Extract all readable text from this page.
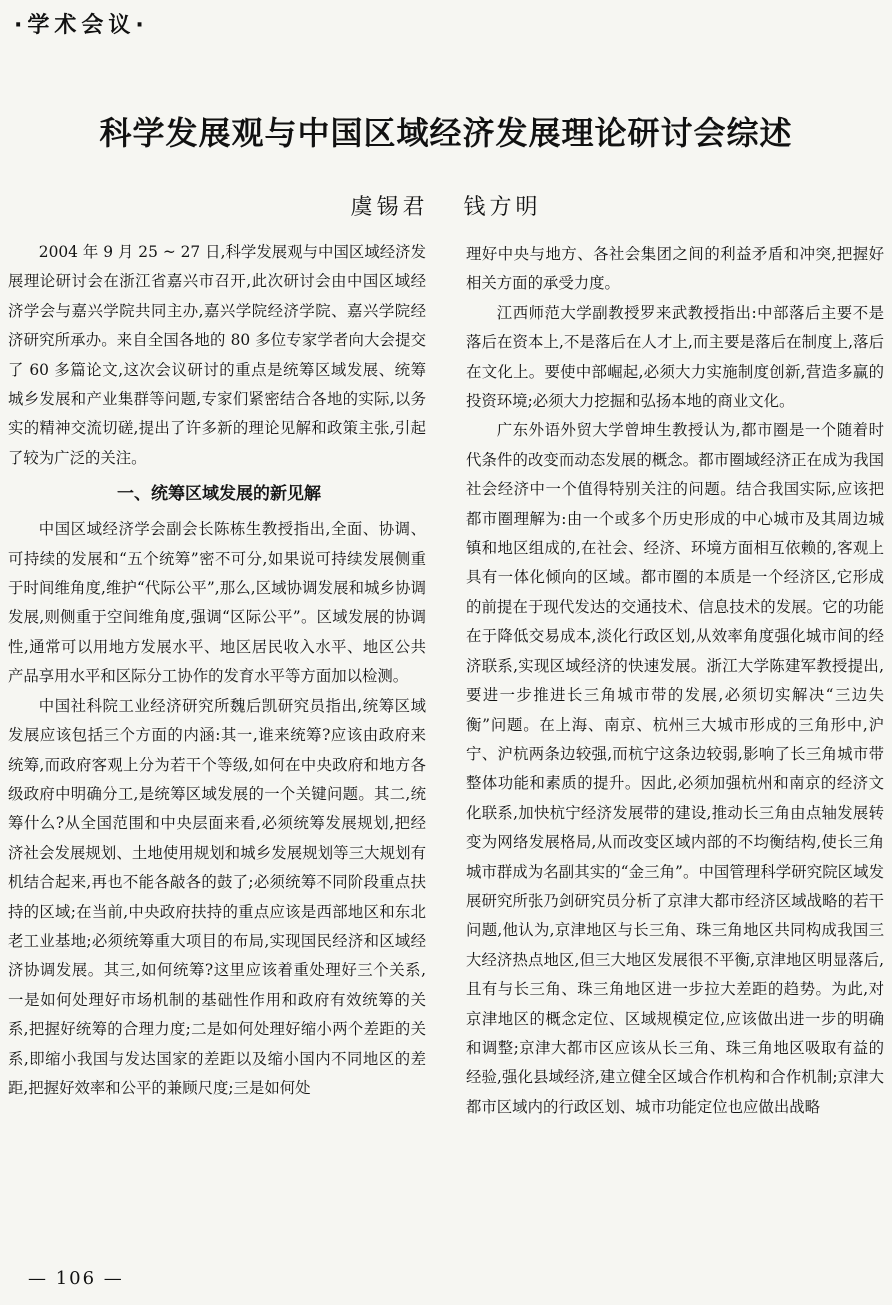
·学术会议·
科学发展观与中国区域经济发展理论研讨会综述
虞锡君 钱方明

2004 年 9 月 25 ~ 27 日,科学发展观与中国区域经济发展理论研讨会在浙江省嘉兴市召开,此次研讨会由中国区域经济学会与嘉兴学院共同主办,嘉兴学院经济学院、嘉兴学院经济研究所承办。来自全国各地的 80 多位专家学者向大会提交了 60 多篇论文,这次会议研讨的重点是统筹区域发展、统筹城乡发展和产业集群等问题,专家们紧密结合各地的实际,以务实的精神交流切磋,提出了许多新的理论见解和政策主张,引起了较为广泛的关注。

一、统筹区域发展的新见解

中国区域经济学会副会长陈栋生教授指出,全面、协调、可持续的发展和“五个统筹”密不可分,如果说可持续发展侧重于时间维角度,维护“代际公平”,那么,区域协调发展和城乡协调发展,则侧重于空间维角度,强调“区际公平”。区域发展的协调性,通常可以用地方发展水平、地区居民收入水平、地区公共产品享用水平和区际分工协作的发育水平等方面加以检测。

中国社科院工业经济研究所魏后凯研究员指出,统筹区域发展应该包括三个方面的内涵:其一,谁来统筹?应该由政府来统筹,而政府客观上分为若干个等级,如何在中央政府和地方各级政府中明确分工,是统筹区域发展的一个关键问题。其二,统筹什么?从全国范围和中央层面来看,必须统筹发展规划,把经济社会发展规划、土地使用规划和城乡发展规划等三大规划有机结合起来,再也不能各敲各的鼓了;必须统筹不同阶段重点扶持的区域;在当前,中央政府扶持的重点应该是西部地区和东北老工业基地;必须统筹重大项目的布局,实现国民经济和区域经济协调发展。其三,如何统筹?这里应该着重处理好三个关系,一是如何处理好市场机制的基础性作用和政府有效统筹的关系,把握好统筹的合理力度;二是如何处理好缩小两个差距的关系,即缩小我国与发达国家的差距以及缩小国内不同地区的差距,把握好效率和公平的兼顾尺度;三是如何处

理好中央与地方、各社会集团之间的利益矛盾和冲突,把握好相关方面的承受力度。

江西师范大学副教授罗来武教授指出:中部落后主要不是落后在资本上,不是落后在人才上,而主要是落后在制度上,落后在文化上。要使中部崛起,必须大力实施制度创新,营造多赢的投资环境;必须大力挖掘和弘扬本地的商业文化。

广东外语外贸大学曾坤生教授认为,都市圈是一个随着时代条件的改变而动态发展的概念。都市圈域经济正在成为我国社会经济中一个值得特别关注的问题。结合我国实际,应该把都市圈理解为:由一个或多个历史形成的中心城市及其周边城镇和地区组成的,在社会、经济、环境方面相互依赖的,客观上具有一体化倾向的区域。都市圈的本质是一个经济区,它形成的前提在于现代发达的交通技术、信息技术的发展。它的功能在于降低交易成本,淡化行政区划,从效率角度强化城市间的经济联系,实现区域经济的快速发展。浙江大学陈建军教授提出,要进一步推进长三角城市带的发展,必须切实解决“三边失衡”问题。在上海、南京、杭州三大城市形成的三角形中,沪宁、沪杭两条边较强,而杭宁这条边较弱,影响了长三角城市带整体功能和素质的提升。因此,必须加强杭州和南京的经济文化联系,加快杭宁经济发展带的建设,推动长三角由点轴发展转变为网络发展格局,从而改变区域内部的不均衡结构,使长三角城市群成为名副其实的“金三角”。中国管理科学研究院区域发展研究所张乃剑研究员分析了京津大都市经济区域战略的若干问题,他认为,京津地区与长三角、珠三角地区共同构成我国三大经济热点地区,但三大地区发展很不平衡,京津地区明显落后,且有与长三角、珠三角地区进一步拉大差距的趋势。为此,对京津地区的概念定位、区域规模定位,应该做出进一步的明确和调整;京津大都市区应该从长三角、珠三角地区吸取有益的经验,强化县域经济,建立健全区域合作机构和合作机制;京津大都市区域内的行政区划、城市功能定位也应做出战略

— 106 —
